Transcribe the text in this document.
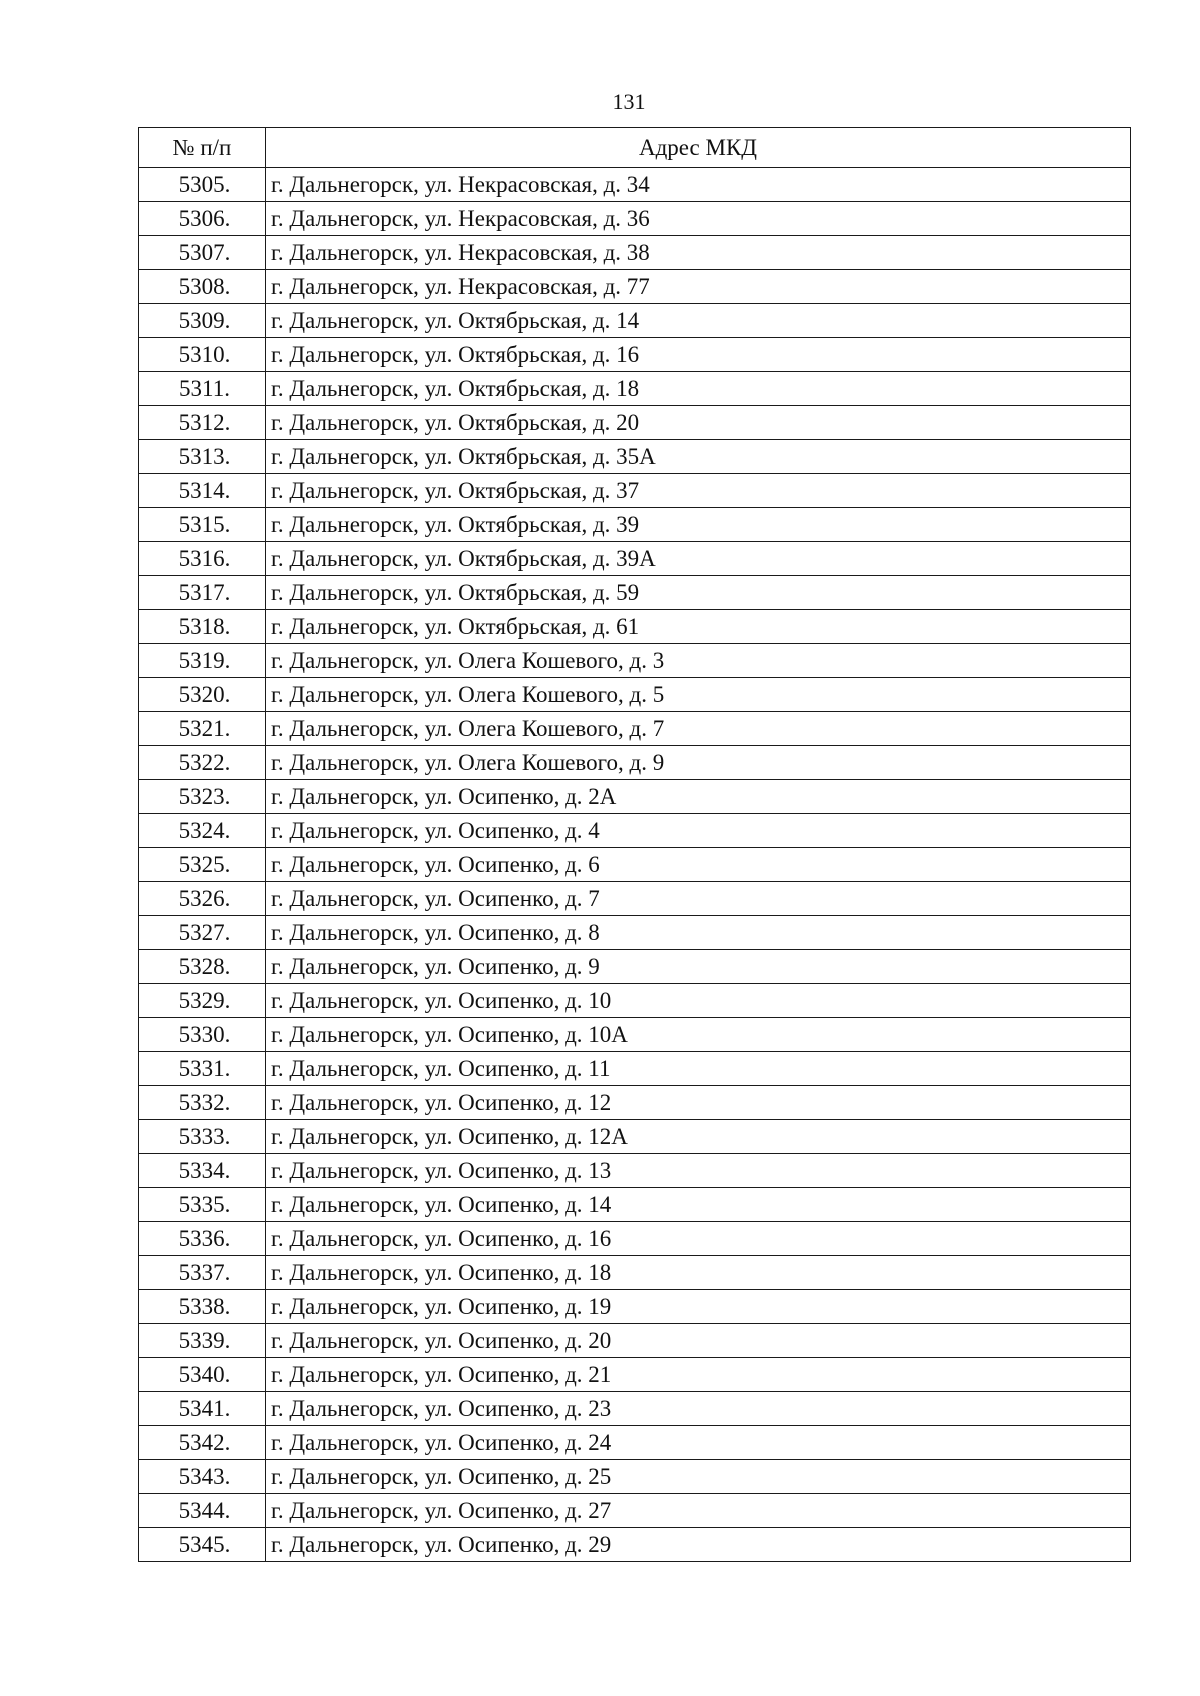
131
№ п/п	Адрес МКД
5305.	г. Дальнегорск, ул. Некрасовская, д. 34
5306.	г. Дальнегорск, ул. Некрасовская, д. 36
5307.	г. Дальнегорск, ул. Некрасовская, д. 38
5308.	г. Дальнегорск, ул. Некрасовская, д. 77
5309.	г. Дальнегорск, ул. Октябрьская, д. 14
5310.	г. Дальнегорск, ул. Октябрьская, д. 16
5311.	г. Дальнегорск, ул. Октябрьская, д. 18
5312.	г. Дальнегорск, ул. Октябрьская, д. 20
5313.	г. Дальнегорск, ул. Октябрьская, д. 35А
5314.	г. Дальнегорск, ул. Октябрьская, д. 37
5315.	г. Дальнегорск, ул. Октябрьская, д. 39
5316.	г. Дальнегорск, ул. Октябрьская, д. 39А
5317.	г. Дальнегорск, ул. Октябрьская, д. 59
5318.	г. Дальнегорск, ул. Октябрьская, д. 61
5319.	г. Дальнегорск, ул. Олега Кошевого, д. 3
5320.	г. Дальнегорск, ул. Олега Кошевого, д. 5
5321.	г. Дальнегорск, ул. Олега Кошевого, д. 7
5322.	г. Дальнегорск, ул. Олега Кошевого, д. 9
5323.	г. Дальнегорск, ул. Осипенко, д. 2А
5324.	г. Дальнегорск, ул. Осипенко, д. 4
5325.	г. Дальнегорск, ул. Осипенко, д. 6
5326.	г. Дальнегорск, ул. Осипенко, д. 7
5327.	г. Дальнегорск, ул. Осипенко, д. 8
5328.	г. Дальнегорск, ул. Осипенко, д. 9
5329.	г. Дальнегорск, ул. Осипенко, д. 10
5330.	г. Дальнегорск, ул. Осипенко, д. 10А
5331.	г. Дальнегорск, ул. Осипенко, д. 11
5332.	г. Дальнегорск, ул. Осипенко, д. 12
5333.	г. Дальнегорск, ул. Осипенко, д. 12А
5334.	г. Дальнегорск, ул. Осипенко, д. 13
5335.	г. Дальнегорск, ул. Осипенко, д. 14
5336.	г. Дальнегорск, ул. Осипенко, д. 16
5337.	г. Дальнегорск, ул. Осипенко, д. 18
5338.	г. Дальнегорск, ул. Осипенко, д. 19
5339.	г. Дальнегорск, ул. Осипенко, д. 20
5340.	г. Дальнегорск, ул. Осипенко, д. 21
5341.	г. Дальнегорск, ул. Осипенко, д. 23
5342.	г. Дальнегорск, ул. Осипенко, д. 24
5343.	г. Дальнегорск, ул. Осипенко, д. 25
5344.	г. Дальнегорск, ул. Осипенко, д. 27
5345.	г. Дальнегорск, ул. Осипенко, д. 29
